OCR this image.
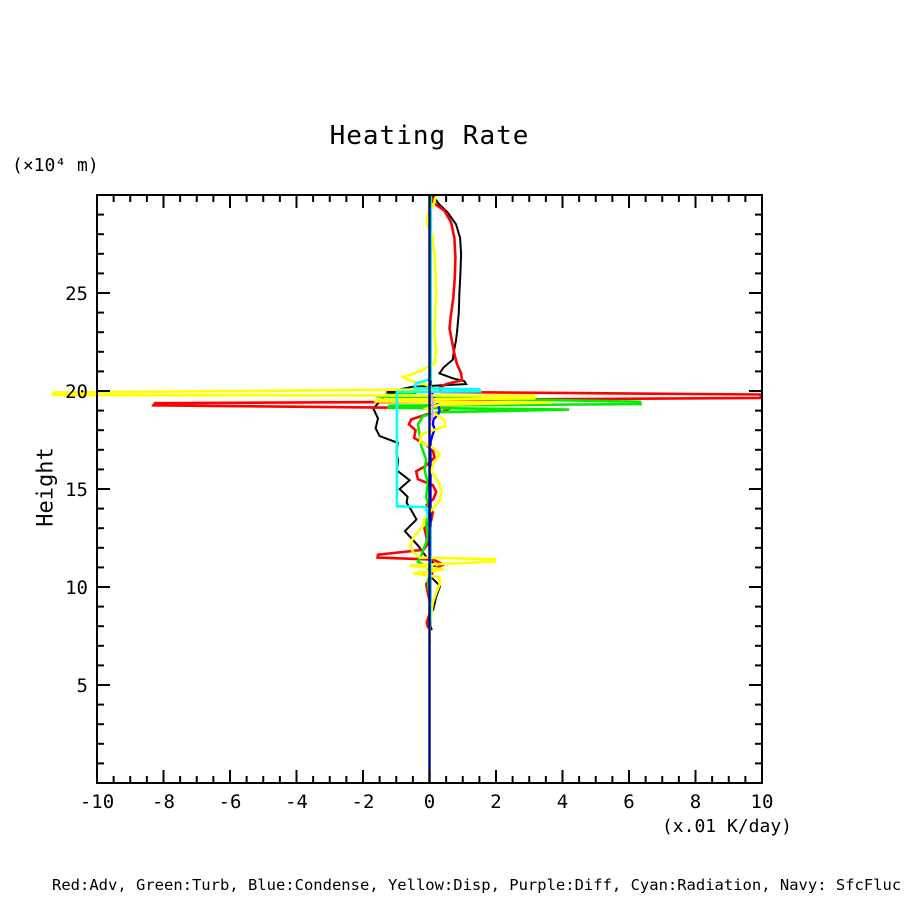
-10 -8 -6 -4 -2	0	2	4	6	8	10
5
10
15
20
25
Heating Rate
(×10⁴ m)
Height
(x.01 K/day)
Red:Adv, Green:Turb, Blue:Condense, Yellow:Disp, Purple:Diff, Cyan:Radiation, Navy: SfcFluc
